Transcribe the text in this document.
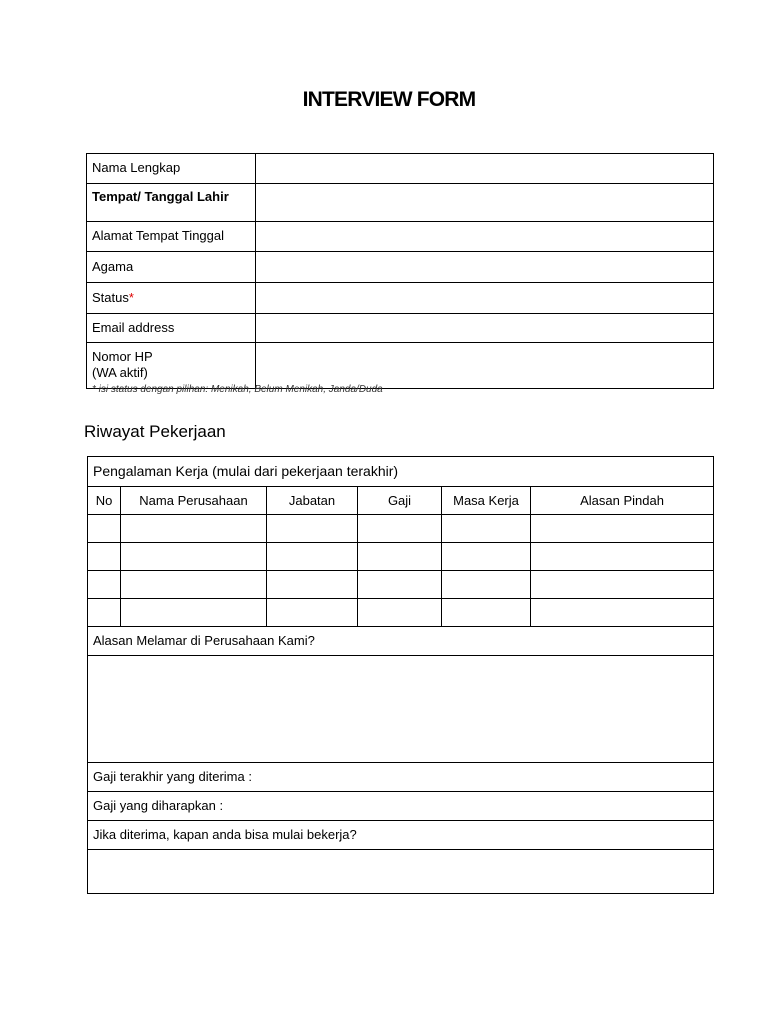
INTERVIEW FORM
Nama Lengkap	

Tempat/ Tanggal Lahir	

Alamat Tempat Tinggal	
Agama	
Status*	
Email address	

Nomor HP (WA aktif)	

* isi status dengan pilihan: Menikah, Belum Menikah, Janda/Duda
Riwayat Pekerjaan
Pengalaman Kerja (mulai dari pekerjaan terakhir)					
No	Nama Perusahaan	Jabatan	Gaji	Masa Kerja	Alasan Pindah

Alasan Melamar di Perusahaan Kami?					

Gaji terakhir yang diterima :					
Gaji yang diharapkan :					
Jika diterima, kapan anda bisa mulai bekerja?					
